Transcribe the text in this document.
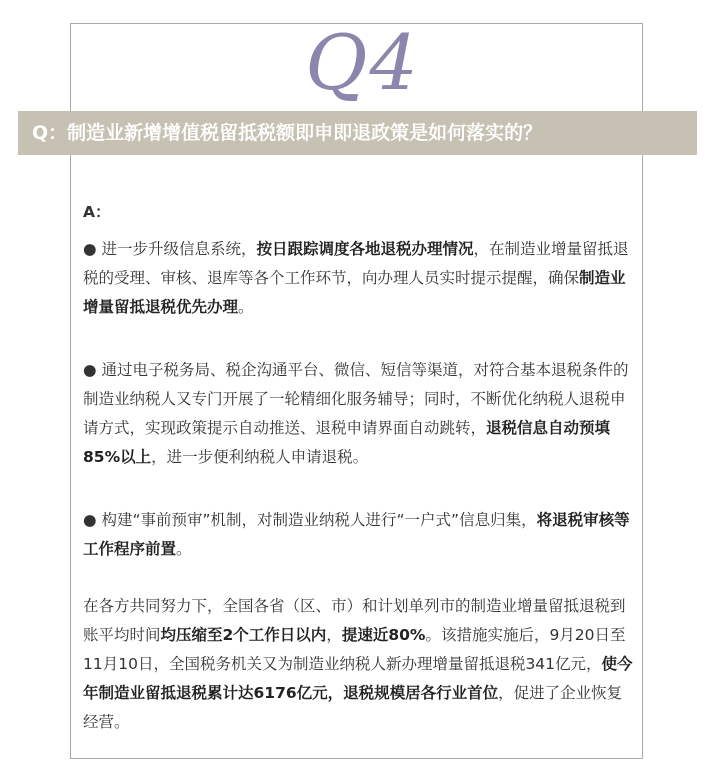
Q4
Q：制造业新增增值税留抵税额即申即退政策是如何落实的？

A：

● 进一步升级信息系统，按日跟踪调度各地退税办理情况，在制造业增量留抵退税的受理、审核、退库等各个工作环节，向办理人员实时提示提醒，确保制造业增量留抵退税优先办理。

● 通过电子税务局、税企沟通平台、微信、短信等渠道，对符合基本退税条件的制造业纳税人又专门开展了一轮精细化服务辅导；同时，不断优化纳税人退税申请方式，实现政策提示自动推送、退税申请界面自动跳转，退税信息自动预填85%以上，进一步便利纳税人申请退税。

● 构建“事前预审”机制，对制造业纳税人进行“一户式”信息归集，将退税审核等工作程序前置。

在各方共同努力下，全国各省（区、市）和计划单列市的制造业增量留抵退税到账平均时间均压缩至2个工作日以内，提速近80%。该措施实施后，9月20日至11月10日，全国税务机关又为制造业纳税人新办理增量留抵退税341亿元，使今年制造业留抵退税累计达6176亿元，退税规模居各行业首位，促进了企业恢复经营。
